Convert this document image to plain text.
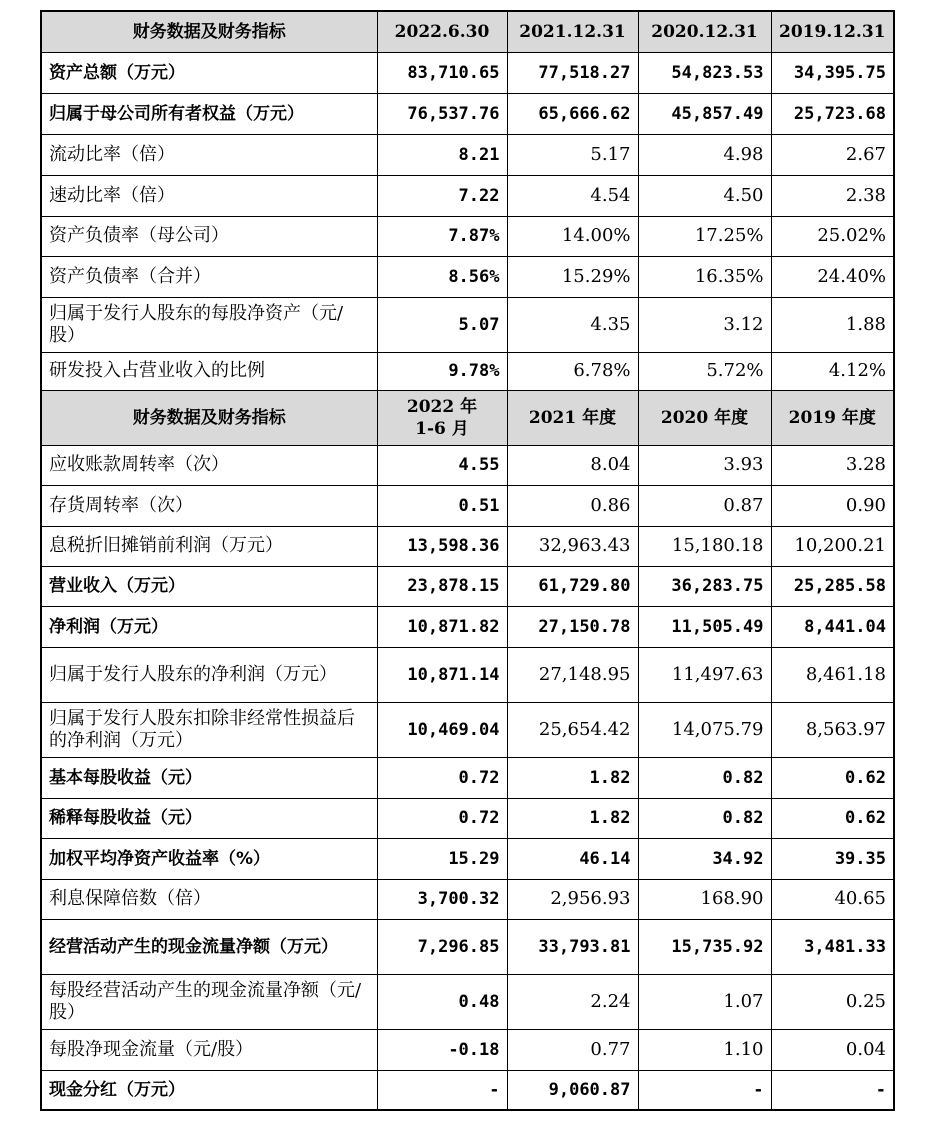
财务数据及财务指标	2022.6.30	2021.12.31	2020.12.31	2019.12.31
资产总额（万元）	83,710.65	77,518.27	54,823.53	34,395.75
归属于母公司所有者权益（万元）	76,537.76	65,666.62	45,857.49	25,723.68
流动比率（倍）	8.21	5.17	4.98	2.67
速动比率（倍）	7.22	4.54	4.50	2.38
资产负债率（母公司）	7.87%	14.00%	17.25%	25.02%
资产负债率（合并）	8.56%	15.29%	16.35%	24.40%
归属于发行人股东的每股净资产（元/股）	5.07	4.35	3.12	1.88
研发投入占营业收入的比例	9.78%	6.78%	5.72%	4.12%
财务数据及财务指标	2022 年 1-6 月	2021 年度	2020 年度	2019 年度
应收账款周转率（次）	4.55	8.04	3.93	3.28
存货周转率（次）	0.51	0.86	0.87	0.90
息税折旧摊销前利润（万元）	13,598.36	32,963.43	15,180.18	10,200.21
营业收入（万元）	23,878.15	61,729.80	36,283.75	25,285.58
净利润（万元）	10,871.82	27,150.78	11,505.49	8,441.04
归属于发行人股东的净利润（万元）	10,871.14	27,148.95	11,497.63	8,461.18
归属于发行人股东扣除非经常性损益后的净利润（万元）	10,469.04	25,654.42	14,075.79	8,563.97
基本每股收益（元）	0.72	1.82	0.82	0.62
稀释每股收益（元）	0.72	1.82	0.82	0.62
加权平均净资产收益率（%）	15.29	46.14	34.92	39.35
利息保障倍数（倍）	3,700.32	2,956.93	168.90	40.65
经营活动产生的现金流量净额（万元）	7,296.85	33,793.81	15,735.92	3,481.33
每股经营活动产生的现金流量净额（元/股）	0.48	2.24	1.07	0.25
每股净现金流量（元/股）	-0.18	0.77	1.10	0.04
现金分红（万元）	-	9,060.87	-	-
